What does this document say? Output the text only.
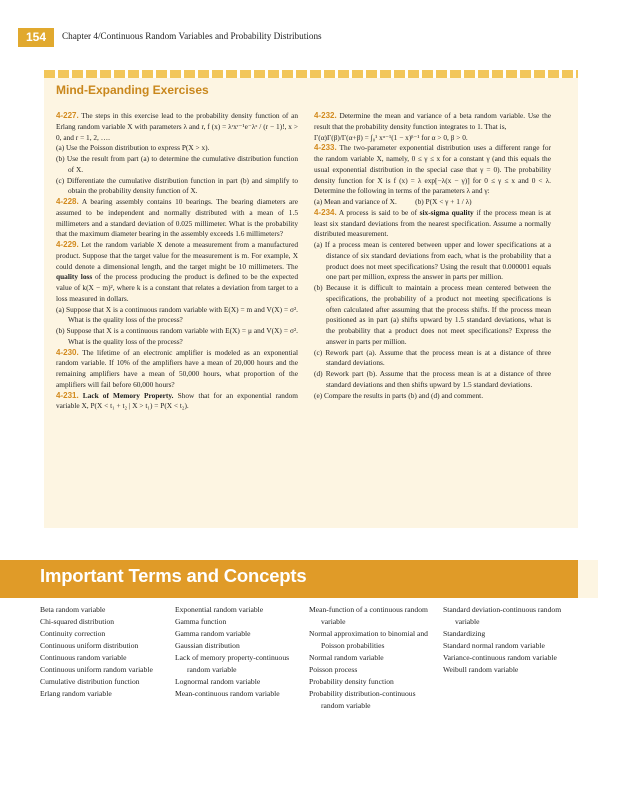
154	Chapter 4/Continuous Random Variables and Probability Distributions
Mind-Expanding Exercises

4-227. The steps in this exercise lead to the probability density function of an Erlang random variable X with parameters λ and r, f (x) = λʳxʳ⁻¹e⁻λˣ / (r − 1)!, x > 0, and r = 1, 2, ….

(a) Use the Poisson distribution to express P(X > x).

(b) Use the result from part (a) to determine the cumulative distribution function of X.

(c) Differentiate the cumulative distribution function in part (b) and simplify to obtain the probability density function of X.

4-228. A bearing assembly contains 10 bearings. The bearing diameters are assumed to be independent and normally distributed with a mean of 1.5 millimeters and a standard deviation of 0.025 millimeter. What is the probability that the maximum diameter bearing in the assembly exceeds 1.6 millimeters?

4-229. Let the random variable X denote a measurement from a manufactured product. Suppose that the target value for the measurement is m. For example, X could denote a dimensional length, and the target might be 10 millimeters. The quality loss of the process producing the product is defined to be the expected value of k(X − m)², where k is a constant that relates a deviation from target to a loss measured in dollars.

(a) Suppose that X is a continuous random variable with E(X) = m and V(X) = σ². What is the quality loss of the process?

(b) Suppose that X is a continuous random variable with E(X) = μ and V(X) = σ². What is the quality loss of the process?

4-230. The lifetime of an electronic amplifier is modeled as an exponential random variable. If 10% of the amplifiers have a mean of 20,000 hours and the remaining amplifiers have a mean of 50,000 hours, what proportion of the amplifiers will fail before 60,000 hours?

4-231. Lack of Memory Property. Show that for an exponential random variable X, P(X < t₁ + t₂ | X > t₁) = P(X < t₂).

4-232. Determine the mean and variance of a beta random variable. Use the result that the probability density function integrates to 1. That is,

Γ(α)Γ(β)/Γ(α+β) = ∫₀¹ xᵅ⁻¹(1 − x)ᵝ⁻¹ for α > 0, β > 0.

4-233. The two-parameter exponential distribution uses a different range for the random variable X, namely, 0 ≤ γ ≤ x for a constant γ (and this equals the usual exponential distribution in the special case that γ = 0). The probability density function for X is f (x) = λ exp[−λ(x − γ)] for 0 ≤ γ ≤ x and 0 < λ. Determine the following in terms of the parameters λ and γ:

(a) Mean and variance of X.          (b) P(X < γ + 1 / λ)

4-234. A process is said to be of six-sigma quality if the process mean is at least six standard deviations from the nearest specification. Assume a normally distributed measurement.

(a) If a process mean is centered between upper and lower specifications at a distance of six standard deviations from each, what is the probability that a product does not meet specifications? Using the result that 0.000001 equals one part per million, express the answer in parts per million.

(b) Because it is difficult to maintain a process mean centered between the specifications, the probability of a product not meeting specifications is often calculated after assuming that the process shifts. If the process mean positioned as in part (a) shifts upward by 1.5 standard deviations, what is the probability that a product does not meet specifications? Express the answer in parts per million.

(c) Rework part (a). Assume that the process mean is at a distance of three standard deviations.

(d) Rework part (b). Assume that the process mean is at a distance of three standard deviations and then shifts upward by 1.5 standard deviations.

(e) Compare the results in parts (b) and (d) and comment.

Important Terms and Concepts
Beta random variable
Chi-squared distribution
Continuity correction
Continuous uniform distribution
Continuous random variable
Continuous uniform random variable
Cumulative distribution function
Erlang random variable
Exponential random variable
Gamma function
Gamma random variable
Gaussian distribution
Lack of memory property-continuous random variable
Lognormal random variable
Mean-continuous random variable
Mean-function of a continuous random variable
Normal approximation to binomial and Poisson probabilities
Normal random variable
Poisson process
Probability density function
Probability distribution-continuous random variable
Standard deviation-continuous random variable
Standardizing
Standard normal random variable
Variance-continuous random variable
Weibull random variable
